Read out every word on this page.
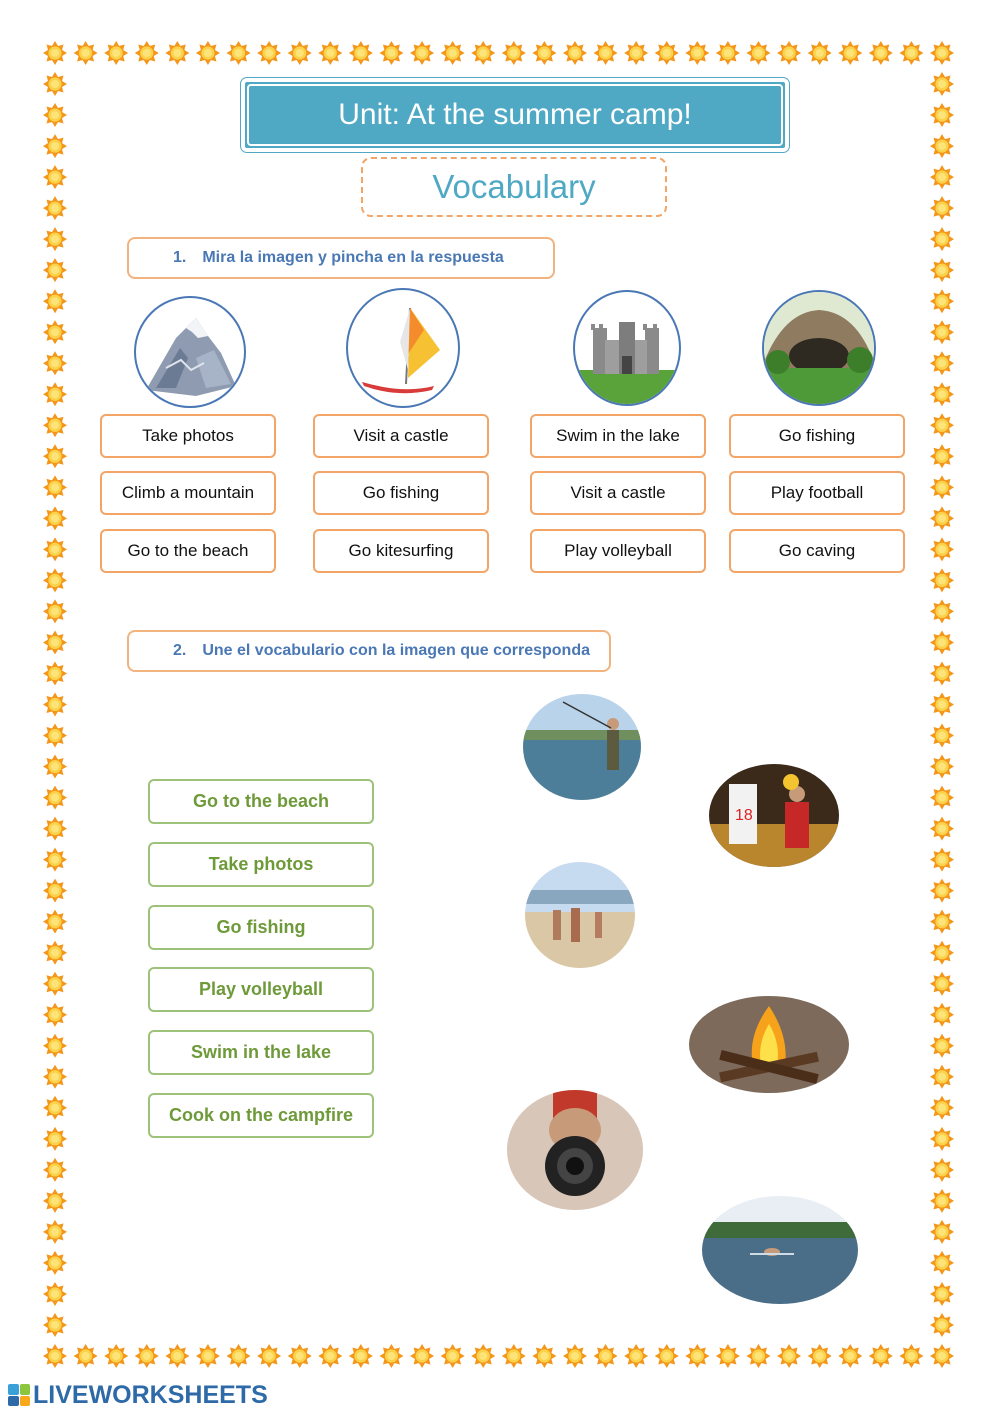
Unit: At the summer camp!
Vocabulary
1. Mira la imagen y pincha en la respuesta
Take photos
Climb a mountain
Go to the beach
Visit a castle
Go fishing
Go kitesurfing
Swim in the lake
Visit a castle
Play volleyball
Go fishing
Play football
Go caving
2. Une el vocabulario con la imagen que corresponda
Go to the beach
Take photos
Go fishing
Play volleyball
Swim in the lake
Cook on the campfire
18
LIVEWORKSHEETS
